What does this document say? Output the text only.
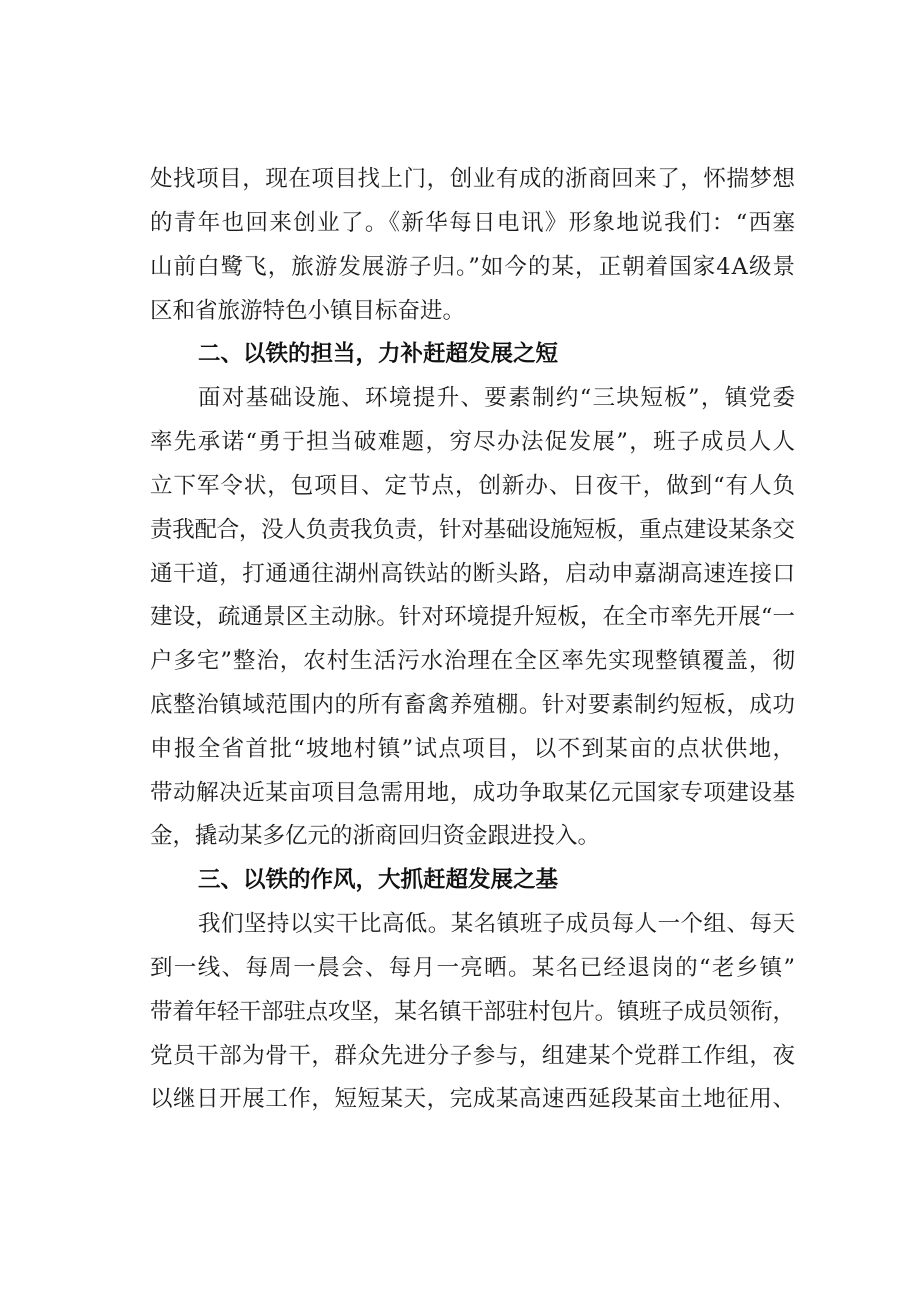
处找项目，现在项目找上门，创业有成的浙商回来了，怀揣梦想
的青年也回来创业了。《新华每日电讯》形象地说我们：“西塞
山前白鹭飞，旅游发展游子归。”如今的某，正朝着国家4A级景
区和省旅游特色小镇目标奋进。
二、以铁的担当，力补赶超发展之短
面对基础设施、环境提升、要素制约“三块短板”，镇党委
率先承诺“勇于担当破难题，穷尽办法促发展”，班子成员人人
立下军令状，包项目、定节点，创新办、日夜干，做到“有人负
责我配合，没人负责我负责，针对基础设施短板，重点建设某条交
通干道，打通通往湖州高铁站的断头路，启动申嘉湖高速连接口
建设，疏通景区主动脉。针对环境提升短板，在全市率先开展“一
户多宅”整治，农村生活污水治理在全区率先实现整镇覆盖，彻
底整治镇域范围内的所有畜禽养殖棚。针对要素制约短板，成功
申报全省首批“坡地村镇”试点项目，以不到某亩的点状供地，
带动解决近某亩项目急需用地，成功争取某亿元国家专项建设基
金，撬动某多亿元的浙商回归资金跟进投入。
三、以铁的作风，大抓赶超发展之基
我们坚持以实干比高低。某名镇班子成员每人一个组、每天
到一线、每周一晨会、每月一亮晒。某名已经退岗的“老乡镇”
带着年轻干部驻点攻坚，某名镇干部驻村包片。镇班子成员领衔，
党员干部为骨干，群众先进分子参与，组建某个党群工作组，夜
以继日开展工作，短短某天，完成某高速西延段某亩土地征用、
